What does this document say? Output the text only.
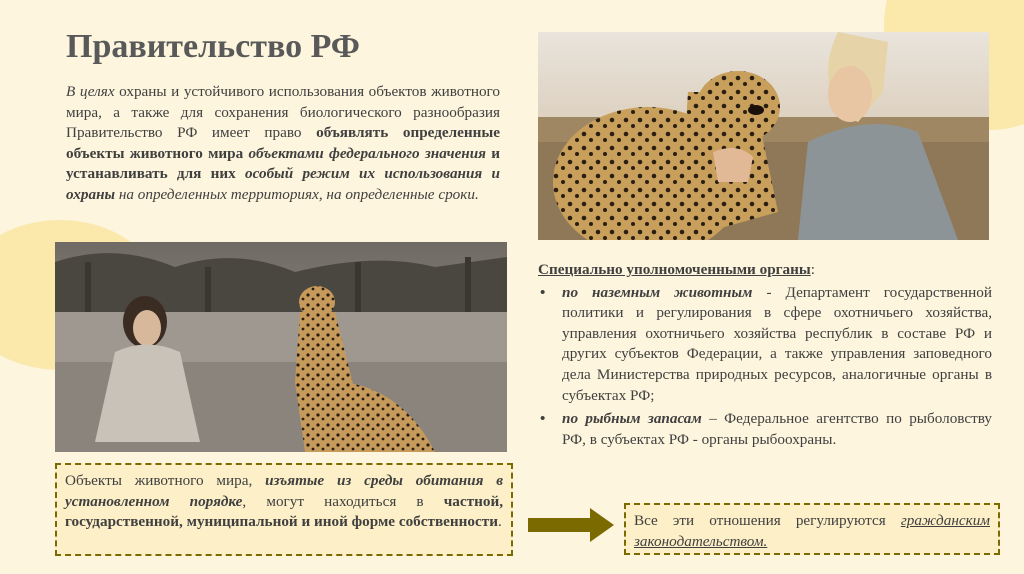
Правительство РФ
В целях охраны и устойчивого использования объектов животного мира, а также для сохранения биологического разнообразия Правительство РФ имеет право объявлять определенные объекты животного мира объектами федерального значения и устанавливать для них особый режим их использования и охраны на определенных территориях, на определенные сроки.

Специально уполномоченными органы:

• по наземным животным - Департамент государственной политики и регулирования в сфере охотничьего хозяйства, управления охотничьего хозяйства республик в составе РФ и других субъектов Федерации, а также управления заповедного дела Министерства природных ресурсов, аналогичные органы в субъектах РФ;
• по рыбным запасам – Федеральное агентство по рыболовству РФ, в субъектах РФ - органы рыбоохраны.
Объекты животного мира, изъятые из среды обитания в установленном порядке, могут находиться в частной, государственной, муниципальной и иной форме собственности.	Все эти отношения регулируются гражданским законодательством.
